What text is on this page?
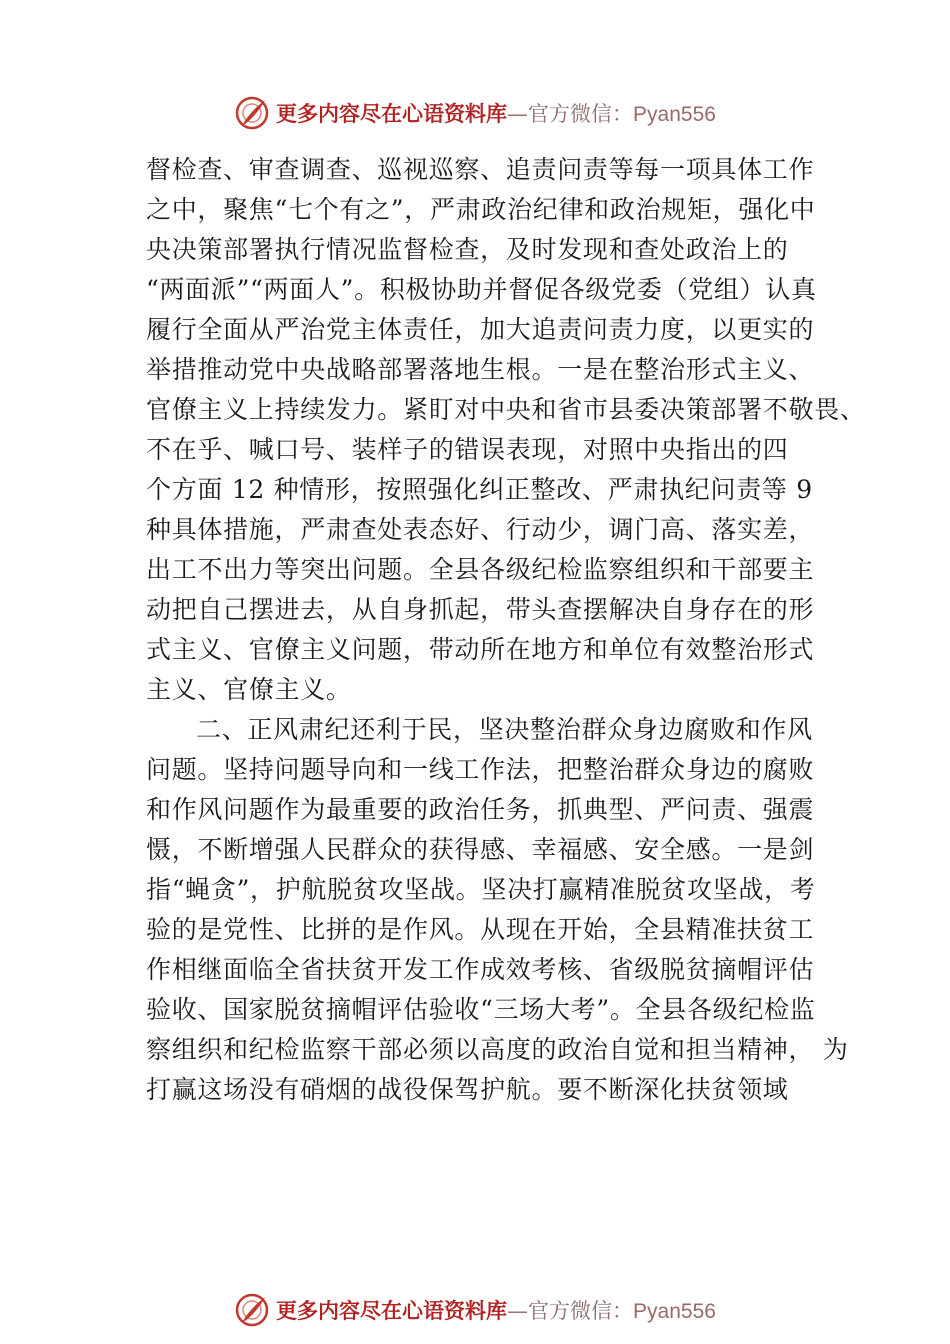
更多内容尽在心语资料库 — 官方微信： Pyan556

督检查、审查调查、巡视巡察、追责问责等每一项具体工作
之中，聚焦“七个有之”，严肃政治纪律和政治规矩，强化中
央决策部署执行情况监督检查，及时发现和查处政治上的
“两面派”“两面人”。积极协助并督促各级党委（党组）认真
履行全面从严治党主体责任，加大追责问责力度，以更实的
举措推动党中央战略部署落地生根。一是在整治形式主义、
官僚主义上持续发力。紧盯对中央和省市县委决策部署不敬畏、
不在乎、喊口号、装样子的错误表现，对照中央指出的四
个方面 12 种情形，按照强化纠正整改、严肃执纪问责等 9
种具体措施，严肃查处表态好、行动少，调门高、落实差，
出工不出力等突出问题。全县各级纪检监察组织和干部要主
动把自己摆进去，从自身抓起，带头查摆解决自身存在的形
式主义、官僚主义问题，带动所在地方和单位有效整治形式
主义、官僚主义。

二、正风肃纪还利于民，坚决整治群众身边腐败和作风
问题。坚持问题导向和一线工作法，把整治群众身边的腐败
和作风问题作为最重要的政治任务，抓典型、严问责、强震
慑，不断增强人民群众的获得感、幸福感、安全感。一是剑
指“蝇贪”，护航脱贫攻坚战。坚决打赢精准脱贫攻坚战，考
验的是党性、比拼的是作风。从现在开始，全县精准扶贫工
作相继面临全省扶贫开发工作成效考核、省级脱贫摘帽评估
验收、国家脱贫摘帽评估验收“三场大考”。全县各级纪检监
察组织和纪检监察干部必须以高度的政治自觉和担当精神， 为
打赢这场没有硝烟的战役保驾护航。要不断深化扶贫领域

更多内容尽在心语资料库 — 官方微信： Pyan556
